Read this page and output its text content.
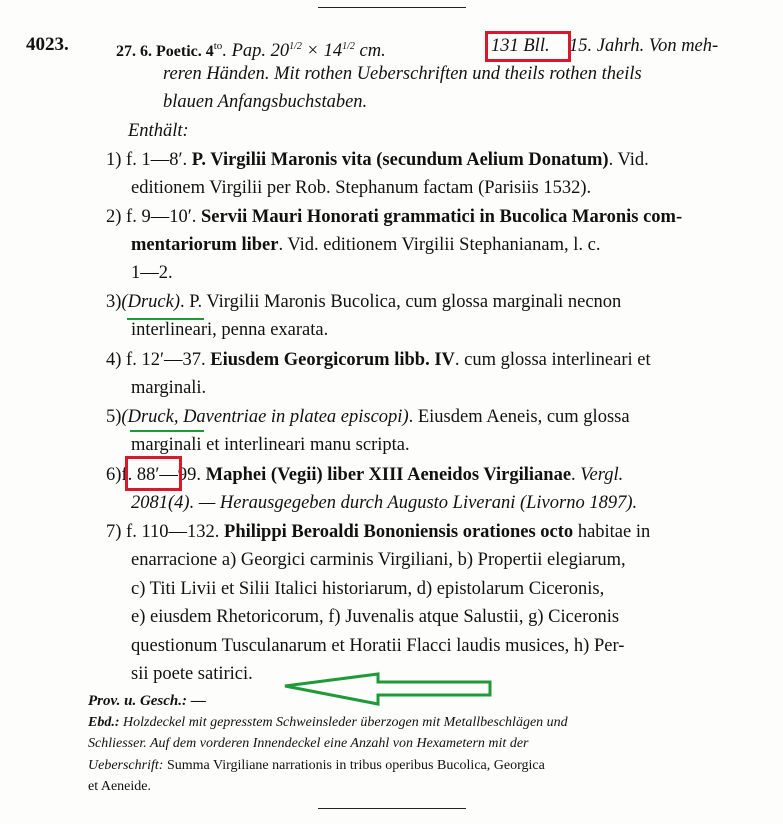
4023.	27. 6. Poetic. $4^{to}$. Pap. $20^{1/2} \times 14^{1/2}$ cm.	131 Bll. 15. Jahrh. Von meh-
reren Händen. Mit rothen Ueberschriften und theils rothen theils
blauen Anfangsbuchstaben.
Enthält:
1) f. 1—8′. P. Virgilii Maronis vita (secundum Aelium Donatum). Vid.
editionem Virgilii per Rob. Stephanum factam (Parisiis 1532).
2) f. 9—10′. Servii Mauri Honorati grammatici in Bucolica Maronis com-
mentariorum liber. Vid. editionem Virgilii Stephanianam, l. c.
1—2.
3)(Druck). P. Virgilii Maronis Bucolica, cum glossa marginali necnon
interlineari, penna exarata.
4) f. 12′—37. Eiusdem Georgicorum libb. IV. cum glossa interlineari et
marginali.
5)(Druck, Daventriae in platea episcopi). Eiusdem Aeneis, cum glossa
marginali et interlineari manu scripta.
6)f. 88′—99. Maphei (Vegii) liber XIII Aeneidos Virgilianae. Vergl.
2081(4). — Herausgegeben durch Augusto Liverani (Livorno 1897).
7) f. 110—132. Philippi Beroaldi Bononiensis orationes octo habitae in
enarracione a) Georgici carminis Virgiliani, b) Propertii elegiarum,
c) Titi Livii et Silii Italici historiarum, d) epistolarum Ciceronis,
e) eiusdem Rhetoricorum, f) Juvenalis atque Salustii, g) Ciceronis
questionum Tusculanarum et Horatii Flacci laudis musices, h) Per-
sii poete satirici.
Prov. u. Gesch.: —
Ebd.: Holzdeckel mit gepresstem Schweinsleder überzogen mit Metallbeschlägen und
Schliesser. Auf dem vorderen Innendeckel eine Anzahl von Hexametern mit der
Ueberschrift: Summa Virgiliane narrationis in tribus operibus Bucolica, Georgica
et Aeneide.
